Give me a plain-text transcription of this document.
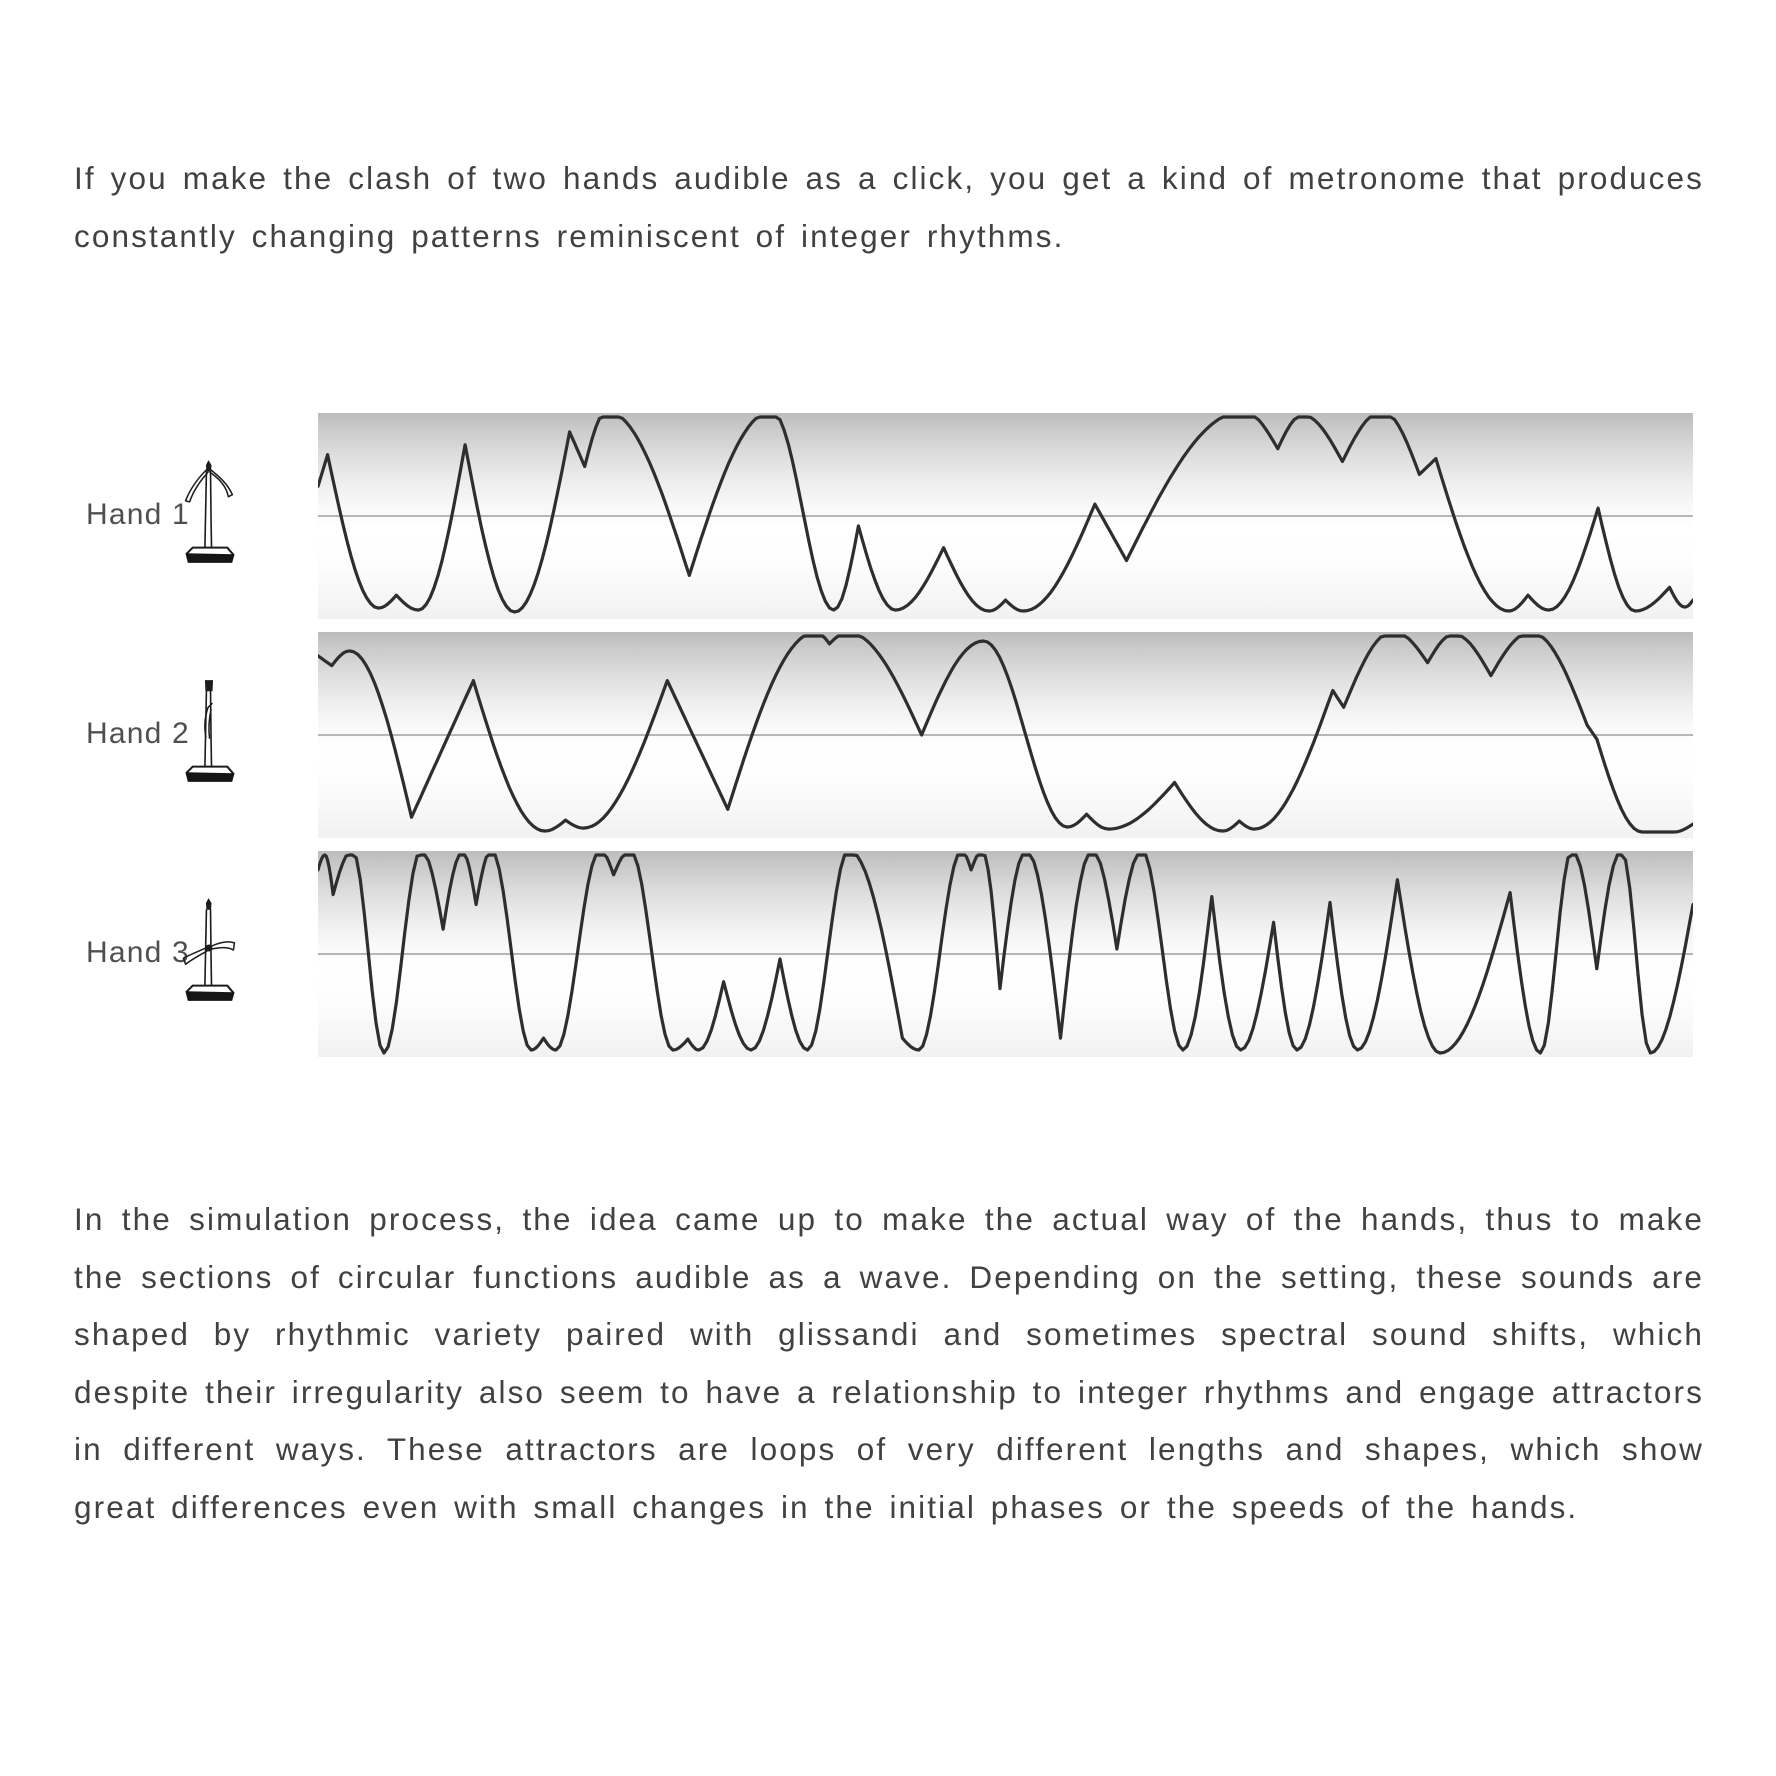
If you make the clash of two hands audible as a click, you get a kind of metronome that produces constantly changing patterns reminiscent of integer rhythms.

Hand 1
Hand 2
Hand 3

In the simulation process, the idea came up to make the actual way of the hands, thus to make the sections of circular functions audible as a wave. Depending on the setting, these sounds are shaped by rhythmic variety paired with glissandi and sometimes spectral sound shifts, which despite their irregularity also seem to have a relationship to integer rhythms and engage attractors in different ways. These attractors are loops of very different lengths and shapes, which show great differences even with small changes in the initial phases or the speeds of the hands.
